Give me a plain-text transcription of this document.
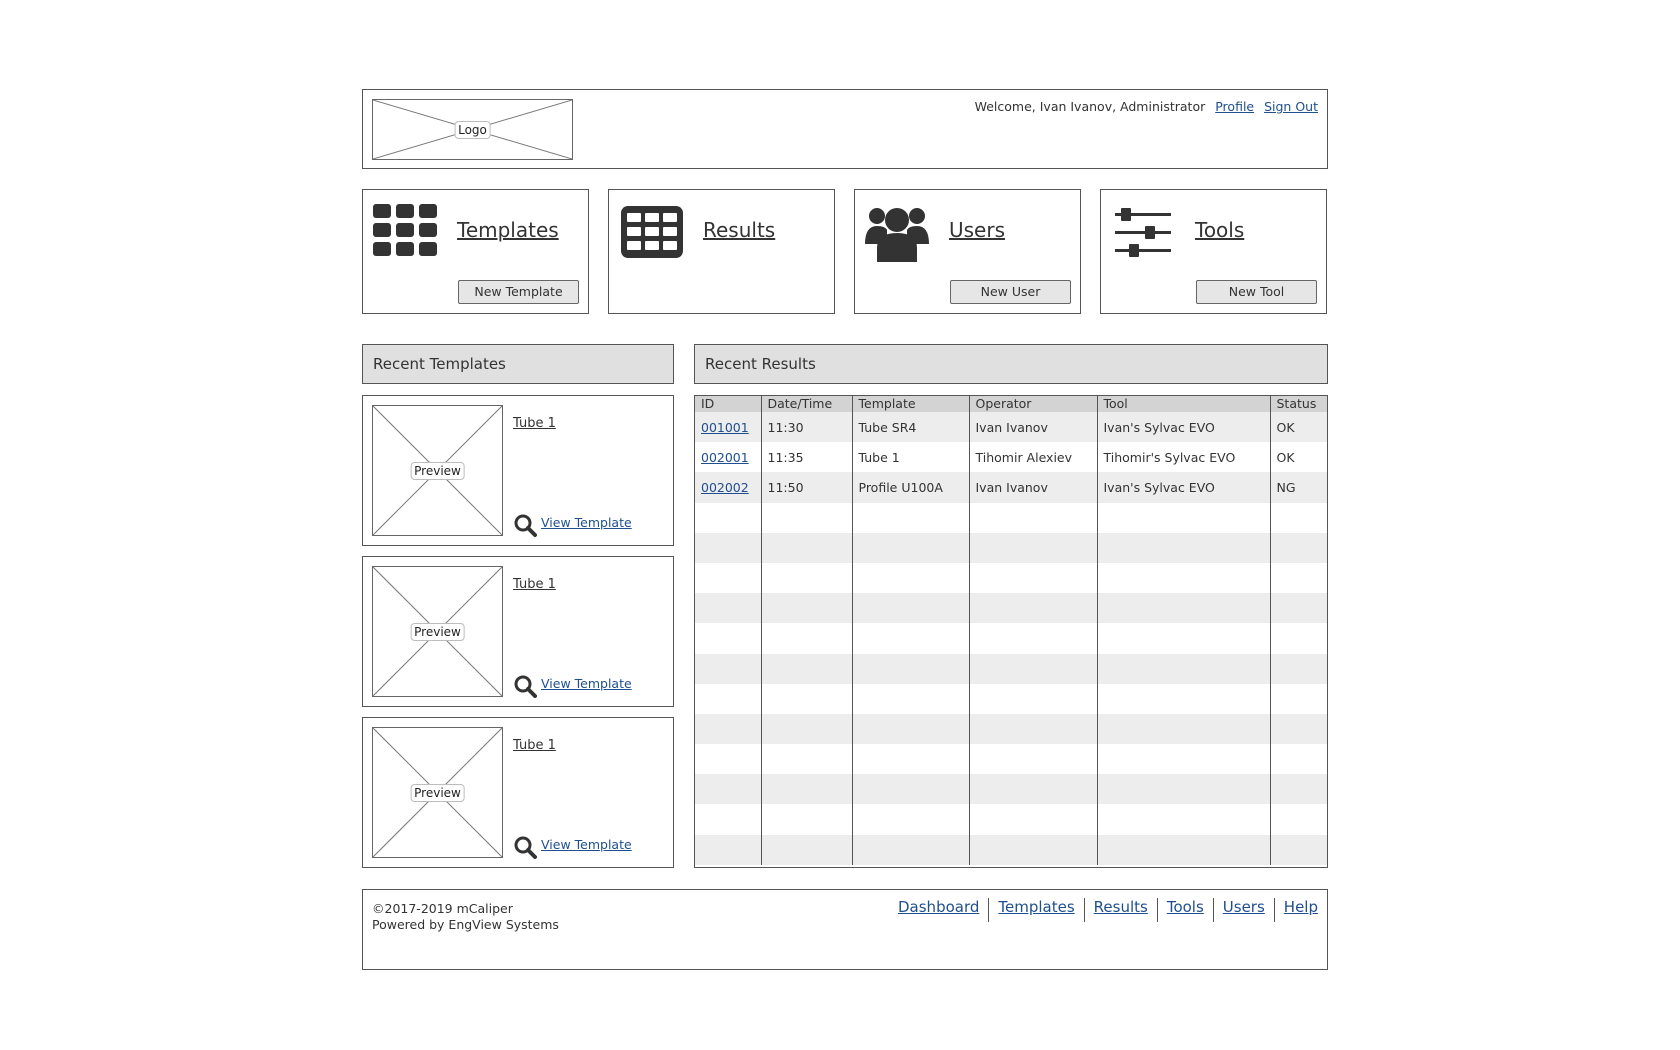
Logo
Welcome, Ivan Ivanov, Administrator Profile Sign Out
Templates
New Template
Results	Users
New User
Tools
New Tool
Recent Templates	Recent Results
Preview
Tube 1
View Template
Preview
Tube 1
View Template
Preview
Tube 1
View Template
ID	Date/Time	Template	Operator	Tool	Status
001001	11:30	Tube SR4	Ivan Ivanov	Ivan's Sylvac EVO	OK
002001	11:35	Tube 1	Tihomir Alexiev	Tihomir's Sylvac EVO	OK
002002	11:50	Profile U100A	Ivan Ivanov	Ivan's Sylvac EVO	NG

©2017-2019 mCaliper
Powered by EngView Systems
Dashboard Templates Results Tools Users Help
